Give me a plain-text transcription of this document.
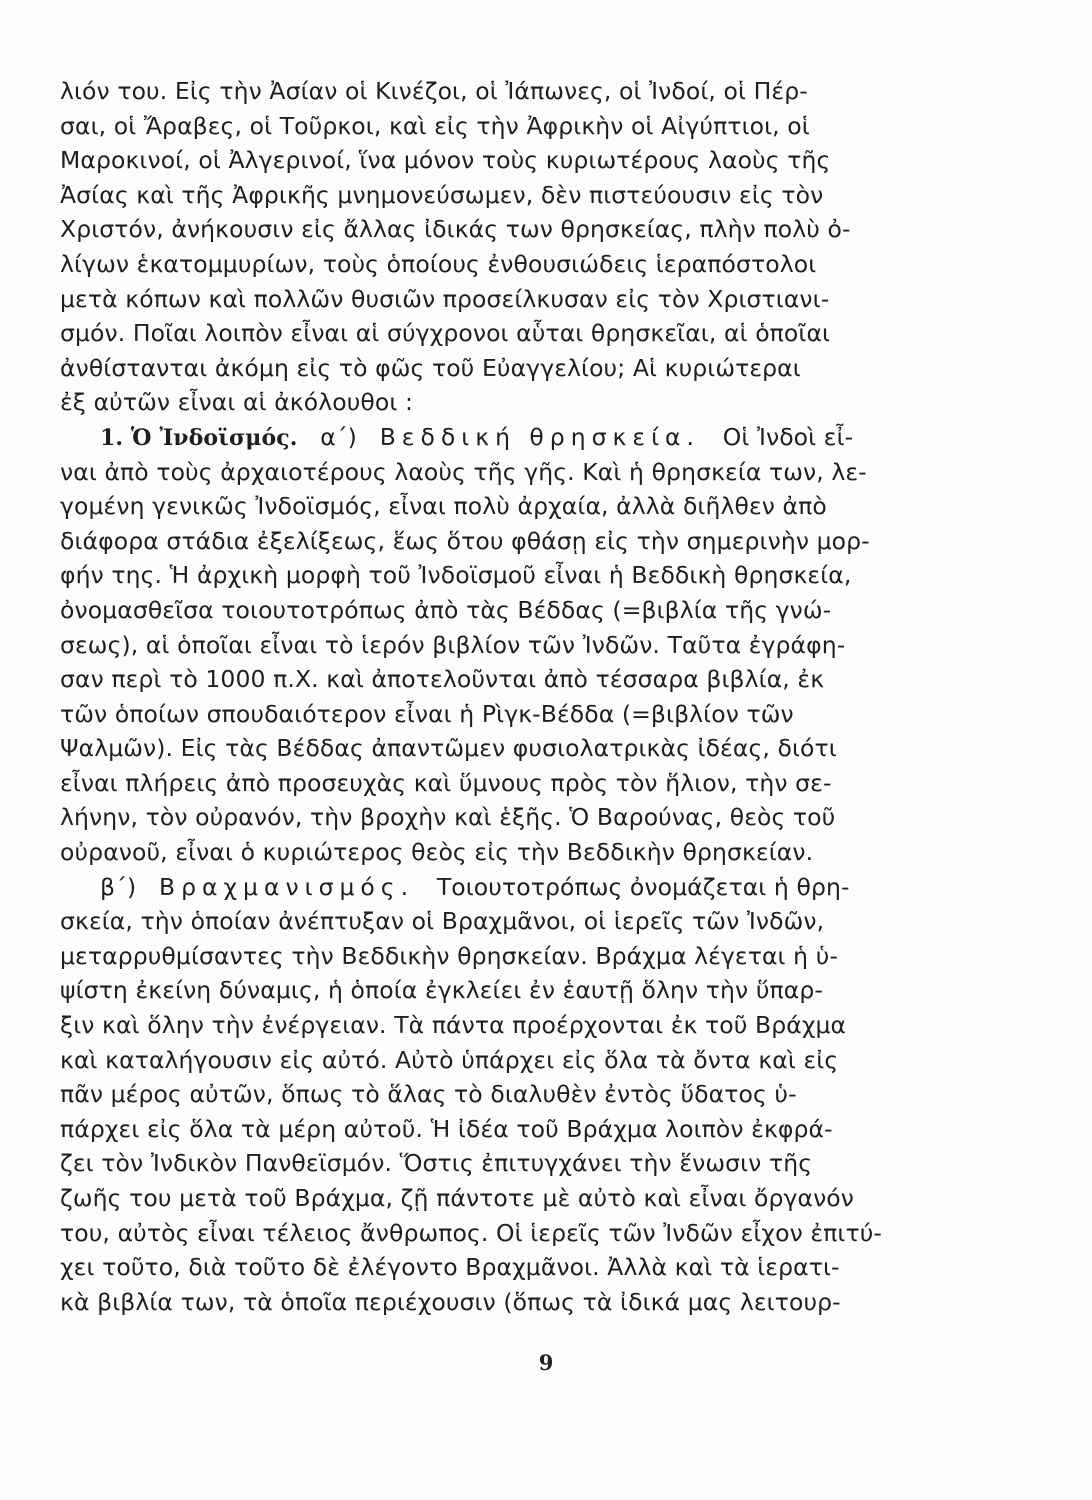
λιόν του. Εἰς τὴν Ἀσίαν οἱ Κινέζοι, οἱ Ἰάπωνες, οἱ Ἰνδοί, οἱ Πέρ-
σαι, οἱ Ἄραβες, οἱ Τοῦρκοι, καὶ εἰς τὴν Ἀφρικὴν οἱ Αἰγύπτιοι, οἱ
Μαροκινοί, οἱ Ἀλγερινοί, ἵνα μόνον τοὺς κυριωτέρους λαοὺς τῆς
Ἀσίας καὶ τῆς Ἀφρικῆς μνημονεύσωμεν, δὲν πιστεύουσιν εἰς τὸν
Χριστόν, ἀνήκουσιν εἰς ἄλλας ἰδικάς των θρησκείας, πλὴν πολὺ ὀ-
λίγων ἑκατομμυρίων, τοὺς ὁποίους ἐνθουσιώδεις ἱεραπόστολοι
μετὰ κόπων καὶ πολλῶν θυσιῶν προσείλκυσαν εἰς τὸν Χριστιανι-
σμόν. Ποῖαι λοιπὸν εἶναι αἱ σύγχρονοι αὗται θρησκεῖαι, αἱ ὁποῖαι
ἀνθίστανται ἀκόμη εἰς τὸ φῶς τοῦ Εὐαγγελίου; Αἱ κυριώτεραι
ἐξ αὐτῶν εἶναι αἱ ἀκόλουθοι :
1. Ὁ Ἰνδοϊσμός. α΄) Βεδδική θρησκεία. Οἱ Ἰνδοὶ εἶ-
ναι ἀπὸ τοὺς ἀρχαιοτέρους λαοὺς τῆς γῆς. Καὶ ἡ θρησκεία των, λε-
γομένη γενικῶς Ἰνδοϊσμός, εἶναι πολὺ ἀρχαία, ἀλλὰ διῆλθεν ἀπὸ
διάφορα στάδια ἐξελίξεως, ἕως ὅτου φθάσῃ εἰς τὴν σημερινὴν μορ-
φήν της. Ἡ ἀρχικὴ μορφὴ τοῦ Ἰνδοϊσμοῦ εἶναι ἡ Βεδδικὴ θρησκεία,
ὀνομασθεῖσα τοιουτοτρόπως ἀπὸ τὰς Βέδδας (=βιβλία τῆς γνώ-
σεως), αἱ ὁποῖαι εἶναι τὸ ἱερόν βιβλίον τῶν Ἰνδῶν. Ταῦτα ἐγράφη-
σαν περὶ τὸ 1000 π.Χ. καὶ ἀποτελοῦνται ἀπὸ τέσσαρα βιβλία, ἐκ
τῶν ὁποίων σπουδαιότερον εἶναι ἡ Ρὶγκ-Βέδδα (=βιβλίον τῶν
Ψαλμῶν). Εἰς τὰς Βέδδας ἀπαντῶμεν φυσιολατρικὰς ἰδέας, διότι
εἶναι πλήρεις ἀπὸ προσευχὰς καὶ ὕμνους πρὸς τὸν ἥλιον, τὴν σε-
λήνην, τὸν οὐρανόν, τὴν βροχὴν καὶ ἑξῆς. Ὁ Βαρούνας, θεὸς τοῦ
οὐρανοῦ, εἶναι ὁ κυριώτερος θεὸς εἰς τὴν Βεδδικὴν θρησκείαν.
β΄) Βραχμανισμός. Τοιουτοτρόπως ὀνομάζεται ἡ θρη-
σκεία, τὴν ὁποίαν ἀνέπτυξαν οἱ Βραχμᾶνοι, οἱ ἱερεῖς τῶν Ἰνδῶν,
μεταρρυθμίσαντες τὴν Βεδδικὴν θρησκείαν. Βράχμα λέγεται ἡ ὑ-
ψίστη ἐκείνη δύναμις, ἡ ὁποία ἐγκλείει ἐν ἑαυτῇ ὅλην τὴν ὕπαρ-
ξιν καὶ ὅλην τὴν ἐνέργειαν. Τὰ πάντα προέρχονται ἐκ τοῦ Βράχμα
καὶ καταλήγουσιν εἰς αὐτό. Αὐτὸ ὑπάρχει εἰς ὅλα τὰ ὄντα καὶ εἰς
πᾶν μέρος αὐτῶν, ὅπως τὸ ἅλας τὸ διαλυθὲν ἐντὸς ὕδατος ὑ-
πάρχει εἰς ὅλα τὰ μέρη αὐτοῦ. Ἡ ἰδέα τοῦ Βράχμα λοιπὸν ἐκφρά-
ζει τὸν Ἰνδικὸν Πανθεϊσμόν. Ὅστις ἐπιτυγχάνει τὴν ἕνωσιν τῆς
ζωῆς του μετὰ τοῦ Βράχμα, ζῇ πάντοτε μὲ αὐτὸ καὶ εἶναι ὄργανόν
του, αὐτὸς εἶναι τέλειος ἄνθρωπος. Οἱ ἱερεῖς τῶν Ἰνδῶν εἶχον ἐπιτύ-
χει τοῦτο, διὰ τοῦτο δὲ ἐλέγοντο Βραχμᾶνοι. Ἀλλὰ καὶ τὰ ἱερατι-
κὰ βιβλία των, τὰ ὁποῖα περιέχουσιν (ὅπως τὰ ἰδικά μας λειτουρ-
9
